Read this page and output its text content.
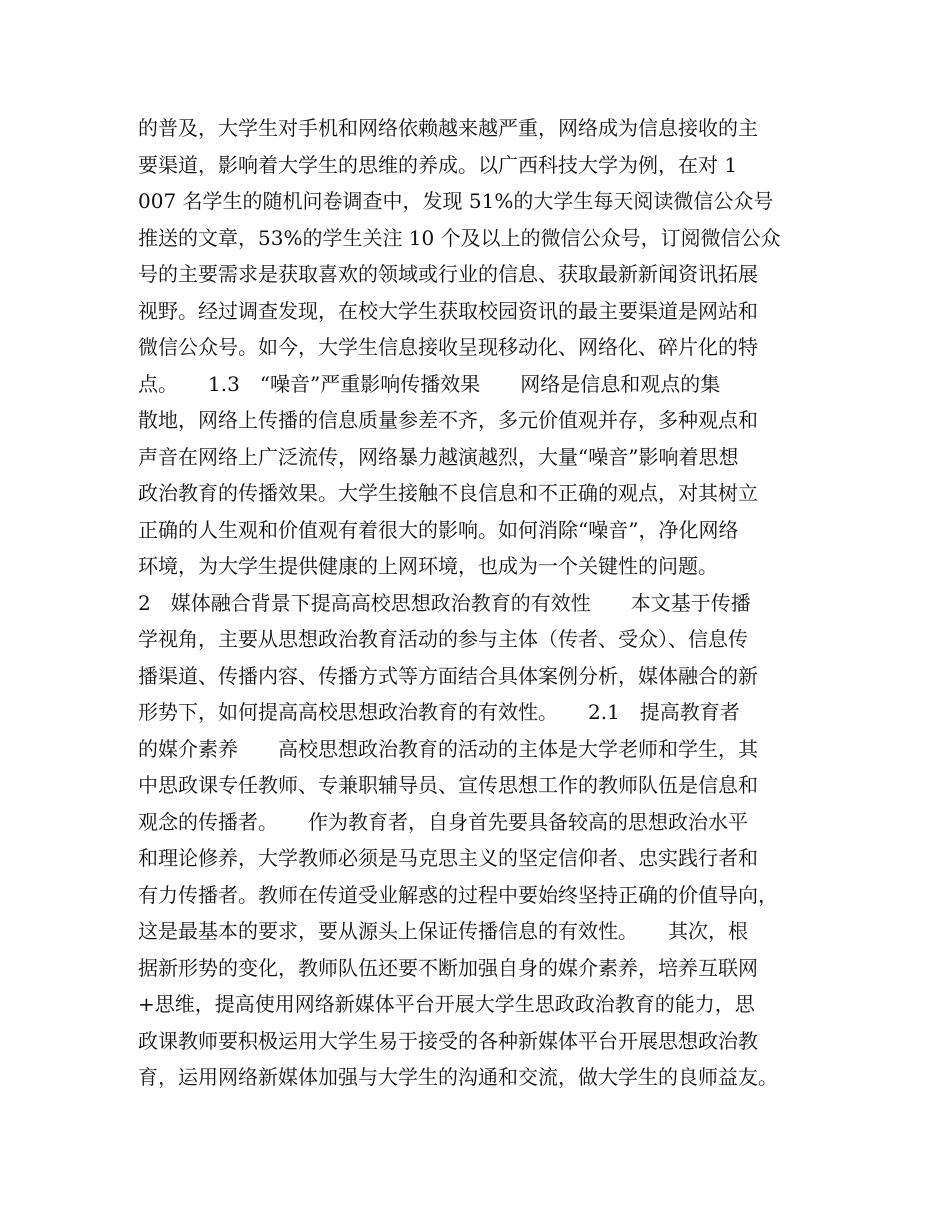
的普及，大学生对手机和网络依赖越来越严重，网络成为信息接收的主
要渠道，影响着大学生的思维的养成。以广西科技大学为例，在对 1
007 名学生的随机问卷调查中，发现 51%的大学生每天阅读微信公众号
推送的文章，53%的学生关注 10 个及以上的微信公众号，订阅微信公众
号的主要需求是获取喜欢的领域或行业的信息、获取最新新闻资讯拓展
视野。经过调查发现，在校大学生获取校园资讯的最主要渠道是网站和
微信公众号。如今，大学生信息接收呈现移动化、网络化、碎片化的特
点。　　1.3　“噪音”严重影响传播效果　　网络是信息和观点的集
散地，网络上传播的信息质量参差不齐，多元价值观并存，多种观点和
声音在网络上广泛流传，网络暴力越演越烈，大量“噪音”影响着思想
政治教育的传播效果。大学生接触不良信息和不正确的观点，对其树立
正确的人生观和价值观有着很大的影响。如何消除“噪音”，净化网络
环境，为大学生提供健康的上网环境，也成为一个关键性的问题。
2　媒体融合背景下提高高校思想政治教育的有效性　　本文基于传播
学视角，主要从思想政治教育活动的参与主体（传者、受众）、信息传
播渠道、传播内容、传播方式等方面结合具体案例分析，媒体融合的新
形势下，如何提高高校思想政治教育的有效性。　　2.1　提高教育者
的媒介素养　　高校思想政治教育的活动的主体是大学老师和学生，其
中思政课专任教师、专兼职辅导员、宣传思想工作的教师队伍是信息和
观念的传播者。　　作为教育者，自身首先要具备较高的思想政治水平
和理论修养，大学教师必须是马克思主义的坚定信仰者、忠实践行者和
有力传播者。教师在传道受业解惑的过程中要始终坚持正确的价值导向，
这是最基本的要求，要从源头上保证传播信息的有效性。　　其次，根
据新形势的变化，教师队伍还要不断加强自身的媒介素养，培养互联网
+思维，提高使用网络新媒体平台开展大学生思政政治教育的能力，思
政课教师要积极运用大学生易于接受的各种新媒体平台开展思想政治教
育，运用网络新媒体加强与大学生的沟通和交流，做大学生的良师益友。
